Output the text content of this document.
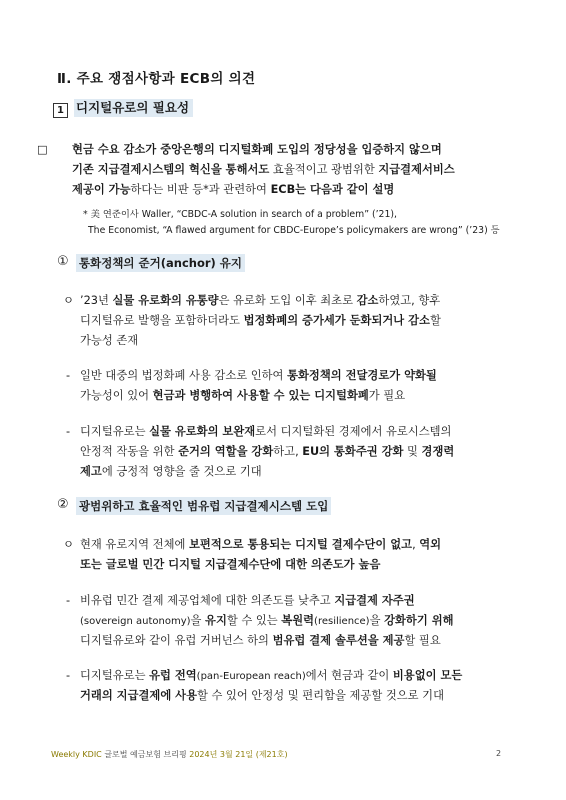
Ⅱ. 주요 쟁점사항과 ECB의 의견
1 디지털유로의 필요성
□ 현금 수요 감소가 중앙은행의 디지털화폐 도입의 정당성을 입증하지 않으며
기존 지급결제시스템의 혁신을 통해서도 효율적이고 광범위한 지급결제서비스
제공이 가능하다는 비판 등*과 관련하여 ECB는 다음과 같이 설명
* 美 연준이사 Waller, “CBDC-A solution in search of a problem” (’21),
The Economist, “A flawed argument for CBDC-Europe’s policymakers are wrong” (’23) 등
① 통화정책의 준거(anchor) 유지
ㅇ ’23년 실물 유로화의 유통량은 유로화 도입 이후 최초로 감소하였고, 향후
디지털유로 발행을 포함하더라도 법정화폐의 증가세가 둔화되거나 감소할
가능성 존재
- 일반 대중의 법정화폐 사용 감소로 인하여 통화정책의 전달경로가 약화될
가능성이 있어 현금과 병행하여 사용할 수 있는 디지털화폐가 필요
- 디지털유로는 실물 유로화의 보완재로서 디지털화된 경제에서 유로시스템의
안정적 작동을 위한 준거의 역할을 강화하고, EU의 통화주권 강화 및 경쟁력
제고에 긍정적 영향을 줄 것으로 기대
② 광범위하고 효율적인 범유럽 지급결제시스템 도입
ㅇ 현재 유로지역 전체에 보편적으로 통용되는 디지털 결제수단이 없고, 역외
또는 글로벌 민간 디지털 지급결제수단에 대한 의존도가 높음
- 비유럽 민간 결제 제공업체에 대한 의존도를 낮추고 지급결제 자주권
(sovereign autonomy)을 유지할 수 있는 복원력(resilience)을 강화하기 위해
디지털유로와 같이 유럽 거버넌스 하의 범유럽 결제 솔루션을 제공할 필요
- 디지털유로는 유럽 전역(pan-European reach)에서 현금과 같이 비용없이 모든
거래의 지급결제에 사용할 수 있어 안정성 및 편리함을 제공할 것으로 기대
Weekly KDIC 글로벌 예금보험 브리핑 2024년 3월 21일 (제21호)	2
